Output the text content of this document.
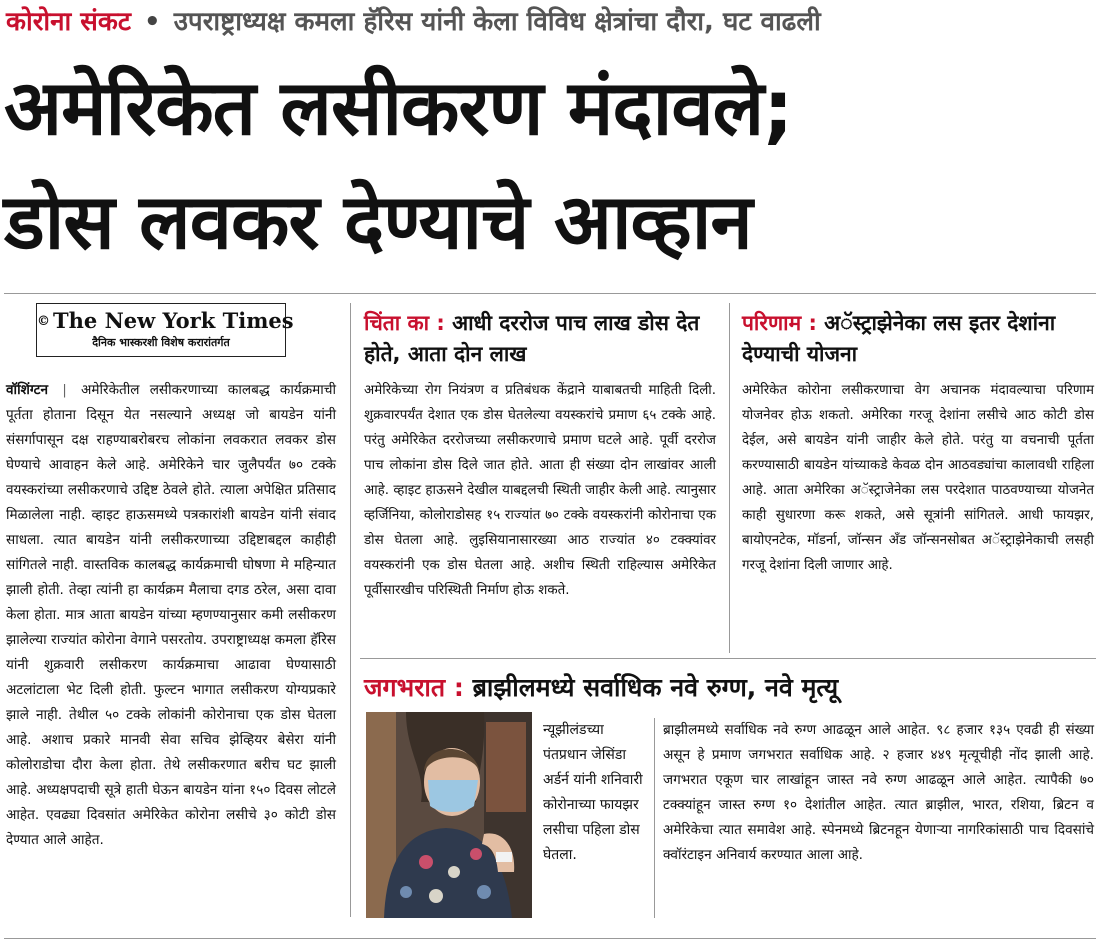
कोरोना संकट • उपराष्ट्राध्यक्ष कमला हॅरिस यांनी केला विविध क्षेत्रांचा दौरा, घट वाढली
अमेरिकेत लसीकरण मंदावले;
डोस लवकर देण्याचे आव्हान
© The New York Times
दैनिक भास्करशी विशेष करारांतर्गत
वॉशिंग्टन | अमेरिकेतील लसीकरणाच्या कालबद्ध कार्यक्रमाची पूर्तता होताना दिसून येत नसल्याने अध्यक्ष जो बायडेन यांनी संसर्गापासून दक्ष राहण्याबरोबरच लोकांना लवकरात लवकर डोस घेण्याचे आवाहन केले आहे. अमेरिकेने चार जुलैपर्यंत ७० टक्के वयस्करांच्या लसीकरणाचे उद्दिष्ट ठेवले होते. त्याला अपेक्षित प्रतिसाद मिळालेला नाही. व्हाइट हाऊसमध्ये पत्रकारांशी बायडेन यांनी संवाद साधला. त्यात बायडेन यांनी लसीकरणाच्या उद्दिष्टाबद्दल काहीही सांगितले नाही. वास्तविक कालबद्ध कार्यक्रमाची घोषणा मे महिन्यात झाली होती. तेव्हा त्यांनी हा कार्यक्रम मैलाचा दगड ठरेल, असा दावा केला होता. मात्र आता बायडेन यांच्या म्हणण्यानुसार कमी लसीकरण झालेल्या राज्यांत कोरोना वेगाने पसरतोय. उपराष्ट्राध्यक्ष कमला हॅरिस यांनी शुक्रवारी लसीकरण कार्यक्रमाचा आढावा घेण्यासाठी अटलांटाला भेट दिली होती. फुल्टन भागात लसीकरण योग्यप्रकारे झाले नाही. तेथील ५० टक्के लोकांनी कोरोनाचा एक डोस घेतला आहे. अशाच प्रकारे मानवी सेवा सचिव झेव्हियर बेसेरा यांनी कोलोराडोचा दौरा केला होता. तेथे लसीकरणात बरीच घट झाली आहे. अध्यक्षपदाची सूत्रे हाती घेऊन बायडेन यांना १५० दिवस लोटले आहेत. एवढ्या दिवसांत अमेरिकेत कोरोना लसीचे ३० कोटी डोस देण्यात आले आहेत.
चिंता का : आधी दररोज पाच लाख डोस देत होते, आता दोन लाख
अमेरिकेच्या रोग नियंत्रण व प्रतिबंधक केंद्राने याबाबतची माहिती दिली. शुक्रवारपर्यंत देशात एक डोस घेतलेल्या वयस्करांचे प्रमाण ६५ टक्के आहे. परंतु अमेरिकेत दररोजच्या लसीकरणाचे प्रमाण घटले आहे. पूर्वी दररोज पाच लोकांना डोस दिले जात होते. आता ही संख्या दोन लाखांवर आली आहे. व्हाइट हाऊसने देखील याबद्दलची स्थिती जाहीर केली आहे. त्यानुसार व्हर्जिनिया, कोलोराडोसह १५ राज्यांत ७० टक्के वयस्करांनी कोरोनाचा एक डोस घेतला आहे. लुइसियानासारख्या आठ राज्यांत ४० टक्क्यांवर वयस्करांनी एक डोस घेतला आहे. अशीच स्थिती राहिल्यास अमेरिकेत पूर्वीसारखीच परिस्थिती निर्माण होऊ शकते.
परिणाम : अॅस्ट्राझेनेका लस इतर देशांना देण्याची योजना
अमेरिकेत कोरोना लसीकरणाचा वेग अचानक मंदावल्याचा परिणाम योजनेवर होऊ शकतो. अमेरिका गरजू देशांना लसीचे आठ कोटी डोस देईल, असे बायडेन यांनी जाहीर केले होते. परंतु या वचनाची पूर्तता करण्यासाठी बायडेन यांच्याकडे केवळ दोन आठवड्यांचा कालावधी राहिला आहे. आता अमेरिका अॅस्ट्राजेनेका लस परदेशात पाठवण्याच्या योजनेत काही सुधारणा करू शकते, असे सूत्रांनी सांगितले. आधी फायझर, बायोएनटेक, मॉडर्ना, जॉन्सन अँड जॉन्सनसोबत अॅस्ट्राझेनेकाची लसही गरजू देशांना दिली जाणार आहे.
जगभरात : ब्राझीलमध्ये सर्वाधिक नवे रुग्ण, नवे मृत्यू
न्यूझीलंडच्या पंतप्रधान जेसिंडा अर्डर्न यांनी शनिवारी कोरोनाच्या फायझर लसीचा पहिला डोस घेतला.
ब्राझीलमध्ये सर्वाधिक नवे रुग्ण आढळून आले आहेत. ९८ हजार १३५ एवढी ही संख्या असून हे प्रमाण जगभरात सर्वाधिक आहे. २ हजार ४४९ मृत्यूचीही नोंद झाली आहे. जगभरात एकूण चार लाखांहून जास्त नवे रुग्ण आढळून आले आहेत. त्यापैकी ७० टक्क्यांहून जास्त रुग्ण १० देशांतील आहेत. त्यात ब्राझील, भारत, रशिया, ब्रिटन व अमेरिकेचा त्यात समावेश आहे. स्पेनमध्ये ब्रिटनहून येणाऱ्या नागरिकांसाठी पाच दिवसांचे क्वॉरंटाइन अनिवार्य करण्यात आला आहे.
